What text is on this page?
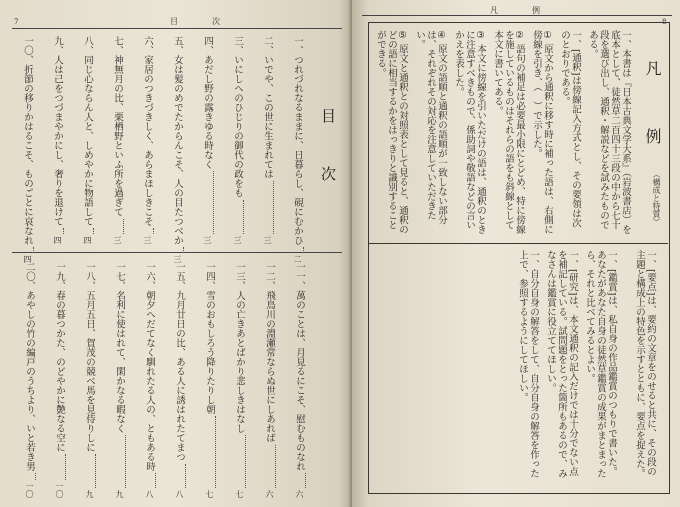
7	目　　次
目　次
一、つれづれなるままに、日暮らし、硯にむかひ
二
二、いでや、この世に生まれては
三
三、いにしへのひじりの御代の政をも
三
四、あだし野の露きゆる時なく
三
五、女は髪のめでたからんこそ、人の目たつべか
三
六、家居のつきづきしく、あらまほしきこそ
三
七、神無月の比、栗栖野といふ所を過ぎて
三
八、同じ心ならん人と、しめやかに物語して
四
九、人は己をつづまやかにし、奢りを退けて
四
一〇、折節の移りかはるこそ、ものごとに哀なれ
四
一一、萬のことは、月見るにこそ、慰むものなれ
六
一二、飛鳥川の淵瀬常ならぬ世にしあれば
六
一三、人の亡きあとばかり悲しきはなし
七
一四、雪のおもしろう降りたりし朝
七
一五、九月廿日の比、ある人に誘はれたてまつ
八
一六、朝夕へだてなく馴れたる人の、ともある時
八
一七、名利に使はれて、閑かなる暇なく
九
一八、五月五日、賀茂の競べ馬を見侍りしに
九
一九、春の暮つかた、のどやかに艶なる空に
一〇
二〇、あやしの竹の編戸のうちより、いと若き男
一〇
8
凡　　例
凡　例
（構成と特質）
一、本書は『日本古典文学大系』（岩波書店）を底本として、徒然草二百四十三段の中から七十段を選び出し、通釈・解説などを試みたものである。
一、[通釈]は傍線記入方式とし、その要領は次のとおりである。
① 原文から通釈に移す時に補った語は、右側に傍線を引き、（　）で示した。
② 語句の補足は必要最小限にとどめ、特に傍線を施しているものはそれらの語をも斜線として本文に書いてある。
③ 本文に傍線を引いただけの語は、通釈のときに注意すべきもので、係助詞や敬語などの言いかえを表した。
④ 原文の語順と通釈の語順が一致しない部分は、それぞれその対応を注意していただきたい。
⑤ 原文と通釈との対照表として見ると、通釈のどの語に相当するかをはっきりと識別することができる。
一、[要点]は、要約の文章をのせると共に、その段の主題と構成上の特色を示すとともに、要点を捉えた。
一、[鑑賞]は、私自身の作品鑑賞のつもりで書いた。あなたがあなた自身の徒然草鑑賞の成果がまとまったら、それと比べてみるとよい。
一、[研究]は、本文通釈の記入だけでは十分でない点を補記している。試問題をとった箇所もあるので、みなさんは鑑賞に役立ててほしい。
一、自分自身の解答をして、自分自身の解答を作った上で、参照するようにしてほしい。
